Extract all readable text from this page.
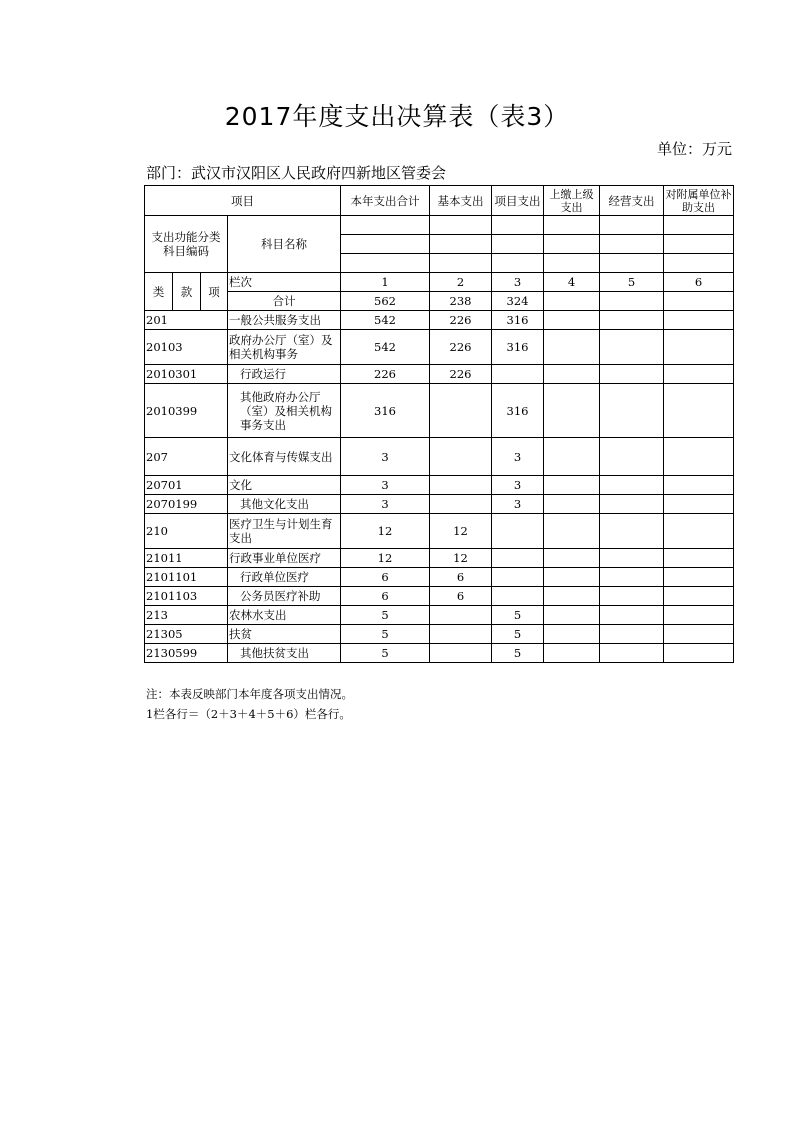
2017年度支出决算表（表3）
单位：万元
部门：武汉市汉阳区人民政府四新地区管委会
项目				本年支出合计	基本支出	项目支出	上缴上级支出	经营支出	对附属单位补助支出
支出功能分类科目编码			科目名称						

类	款	项	栏次	1	2	3	4	5	6
			合计	562	238	324			
201			一般公共服务支出	542	226	316			
20103			政府办公厅（室）及相关机构事务	542	226	316			
2010301			行政运行	226	226				
2010399			其他政府办公厅（室）及相关机构事务支出	316		316			
207			文化体育与传媒支出	3		3			
20701			文化	3		3			
2070199			其他文化支出	3		3			
210			医疗卫生与计划生育支出	12	12				
21011			行政事业单位医疗	12	12				
2101101			行政单位医疗	6	6				
2101103			公务员医疗补助	6	6				
213			农林水支出	5		5			
21305			扶贫	5		5			
2130599			其他扶贫支出	5		5			
注：本表反映部门本年度各项支出情况。
1栏各行＝（2＋3＋4＋5＋6）栏各行。
